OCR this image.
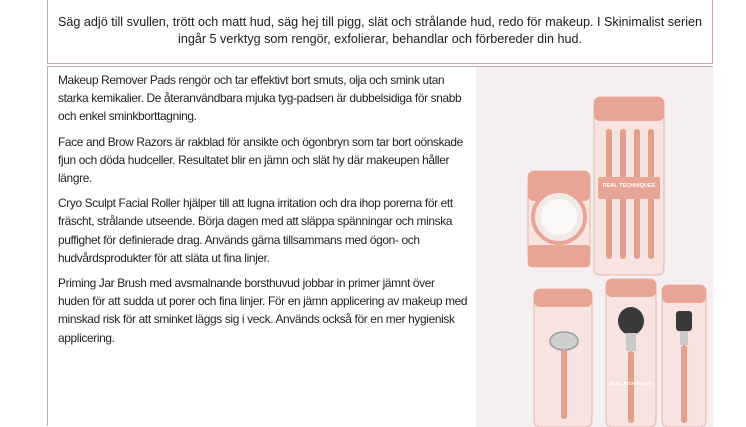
Säg adjö till svullen, trött och matt hud, säg hej till pigg, slät och strålande hud, redo för makeup. I Skinimalist serien ingår 5 verktyg som rengör, exfolierar, behandlar och förbereder din hud.

Makeup Remover Pads rengör och tar effektivt bort smuts, olja och smink utan starka kemikalier. De återanvändbara mjuka tyg-padsen är dubbelsidiga för snabb och enkel sminkborttagning.

Face and Brow Razors är rakblad för ansikte och ögonbryn som tar bort oönskade fjun och döda hudceller. Resultatet blir en jämn och slät hy där makeupen håller längre.

Cryo Sculpt Facial Roller hjälper till att lugna irritation och dra ihop porerna för ett fräscht, strålande utseende. Börja dagen med att släppa spänningar och minska puffighet för definierade drag. Används gärna tillsammans med ögon- och hudvårdsprodukter för att släta ut fina linjer.

Priming Jar Brush med avsmalnande borsthuvud jobbar in primer jämnt över huden för att sudda ut porer och fina linjer. För en jämn applicering av makeup med minskad risk för att sminket läggs sig i veck. Används också för en mer hygienisk applicering.

REAL TECHNIQUES
REAL TECHNIQUES
